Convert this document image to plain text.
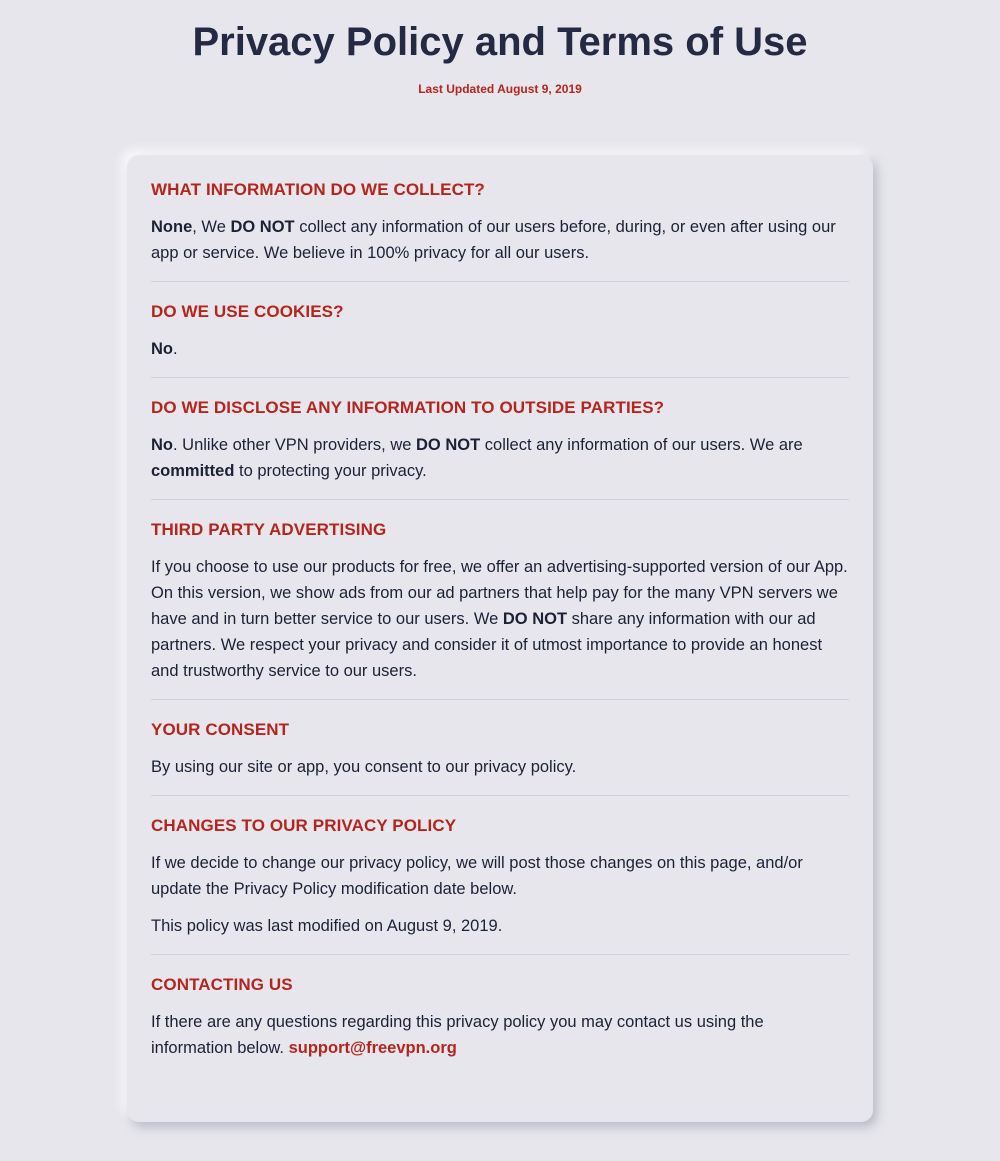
Privacy Policy and Terms of Use
Last Updated August 9, 2019
WHAT INFORMATION DO WE COLLECT?

None, We DO NOT collect any information of our users before, during, or even after using our app or service. We believe in 100% privacy for all our users.

DO WE USE COOKIES?

No.

DO WE DISCLOSE ANY INFORMATION TO OUTSIDE PARTIES?

No. Unlike other VPN providers, we DO NOT collect any information of our users. We are committed to protecting your privacy.

THIRD PARTY ADVERTISING

If you choose to use our products for free, we offer an advertising-supported version of our App. On this version, we show ads from our ad partners that help pay for the many VPN servers we have and in turn better service to our users. We DO NOT share any information with our ad partners. We respect your privacy and consider it of utmost importance to provide an honest and trustworthy service to our users.

YOUR CONSENT

By using our site or app, you consent to our privacy policy.

CHANGES TO OUR PRIVACY POLICY

If we decide to change our privacy policy, we will post those changes on this page, and/or update the Privacy Policy modification date below.

This policy was last modified on August 9, 2019.

CONTACTING US

If there are any questions regarding this privacy policy you may contact us using the information below. support@freevpn.org
